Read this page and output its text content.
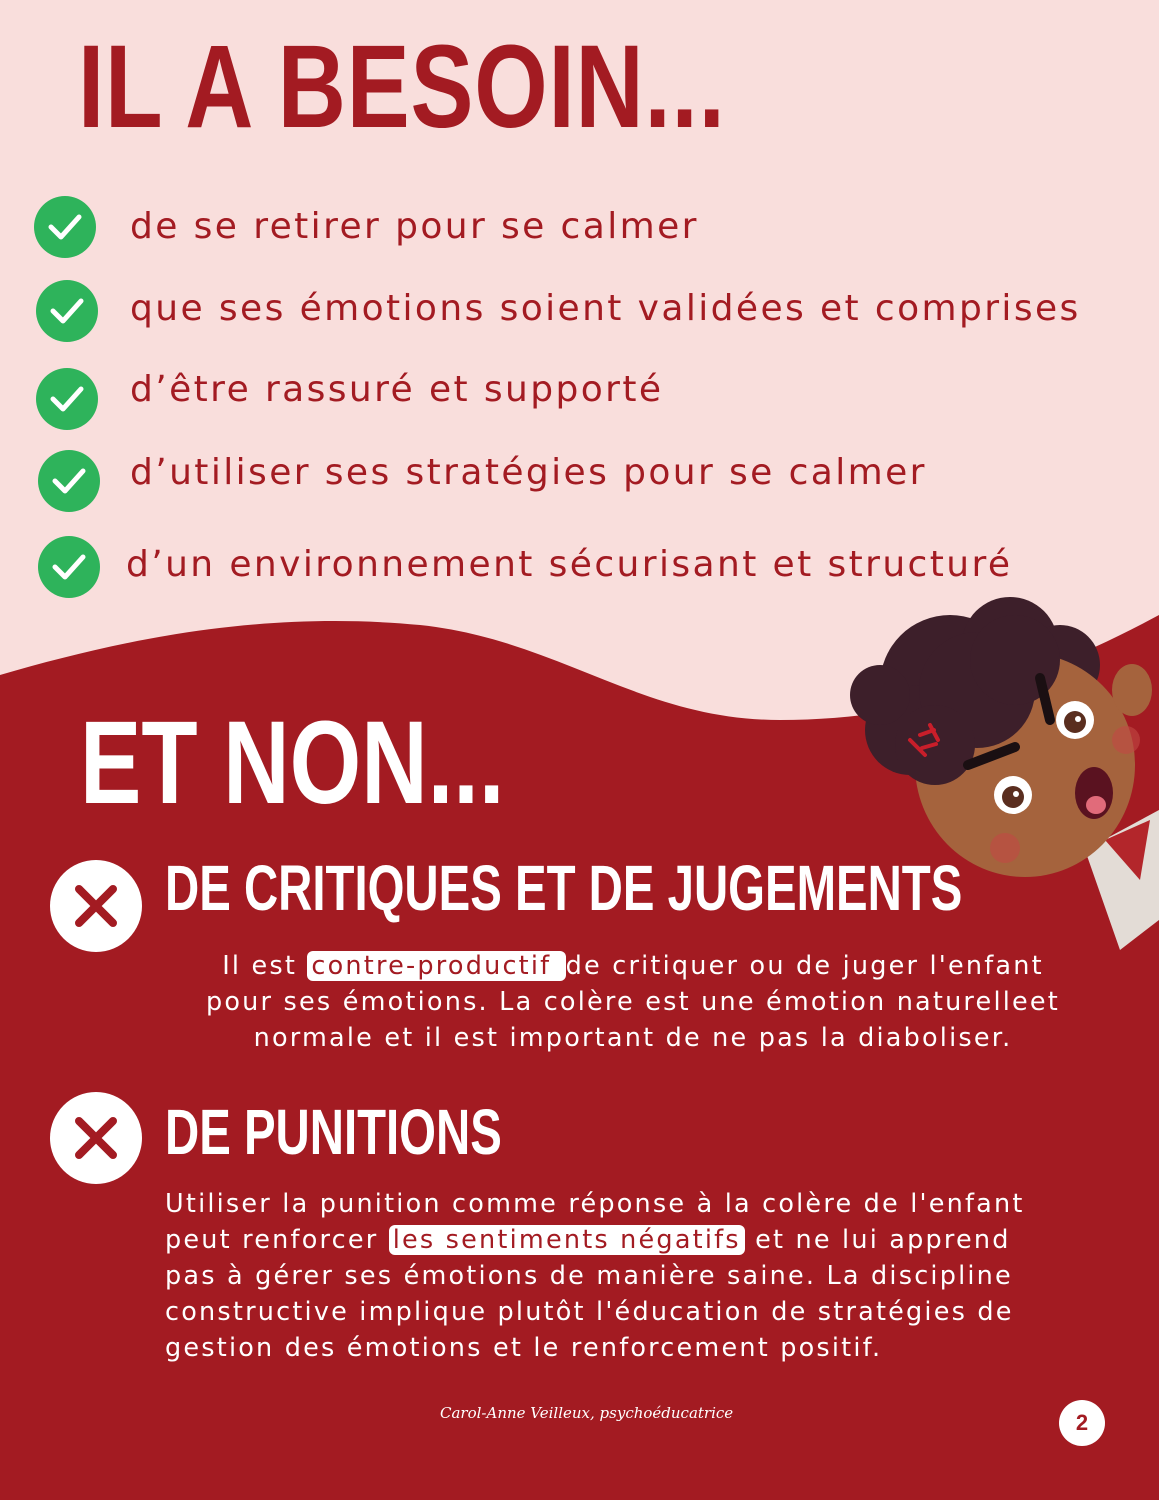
IL A BESOIN...
de se retirer pour se calmer
que ses émotions soient validées et comprises
d’être rassuré et supporté
d’utiliser ses stratégies pour se calmer
d’un environnement sécurisant et structuré
ET NON...
DE CRITIQUES ET DE JUGEMENTS

Il est contre-productif de critiquer ou de juger l'enfant
pour ses émotions. La colère est une émotion naturelleet
normale et il est important de ne pas la diaboliser.

DE PUNITIONS

Utiliser la punition comme réponse à la colère de l'enfant
peut renforcer les sentiments négatifs et ne lui apprend
pas à gérer ses émotions de manière saine. La discipline
constructive implique plutôt l'éducation de stratégies de
gestion des émotions et le renforcement positif.

Carol-Anne Veilleux, psychoéducatrice	2
